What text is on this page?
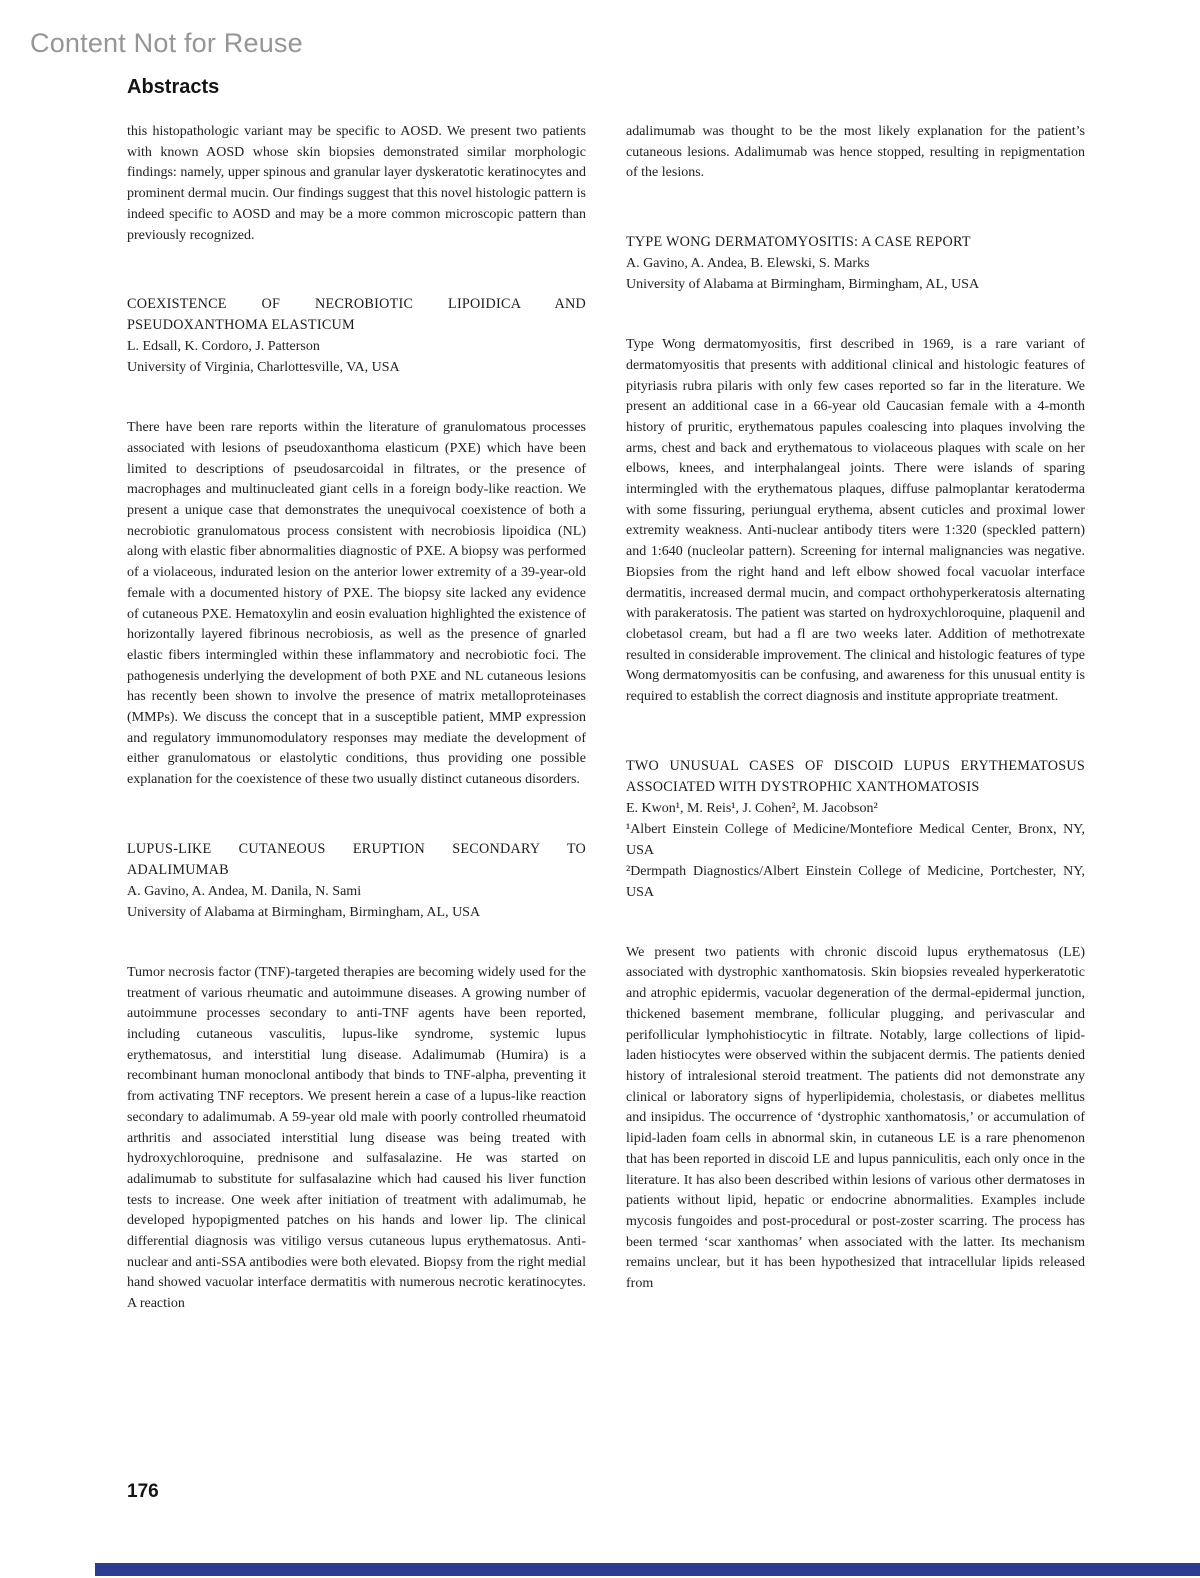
Content Not for Reuse
Abstracts

this histopathologic variant may be specific to AOSD. We present two patients with known AOSD whose skin biopsies demonstrated similar morphologic findings: namely, upper spinous and granular layer dyskeratotic keratinocytes and prominent dermal mucin. Our findings suggest that this novel histologic pattern is indeed specific to AOSD and may be a more common microscopic pattern than previously recognized.

COEXISTENCE OF NECROBIOTIC LIPOIDICA AND PSEUDOXANTHOMA ELASTICUM

L. Edsall, K. Cordoro, J. Patterson

University of Virginia, Charlottesville, VA, USA

There have been rare reports within the literature of granulomatous processes associated with lesions of pseudoxanthoma elasticum (PXE) which have been limited to descriptions of pseudosarcoidal in filtrates, or the presence of macrophages and multinucleated giant cells in a foreign body-like reaction. We present a unique case that demonstrates the unequivocal coexistence of both a necrobiotic granulomatous process consistent with necrobiosis lipoidica (NL) along with elastic fiber abnormalities diagnostic of PXE. A biopsy was performed of a violaceous, indurated lesion on the anterior lower extremity of a 39-year-old female with a documented history of PXE. The biopsy site lacked any evidence of cutaneous PXE. Hematoxylin and eosin evaluation highlighted the existence of horizontally layered fibrinous necrobiosis, as well as the presence of gnarled elastic fibers intermingled within these inflammatory and necrobiotic foci. The pathogenesis underlying the development of both PXE and NL cutaneous lesions has recently been shown to involve the presence of matrix metalloproteinases (MMPs). We discuss the concept that in a susceptible patient, MMP expression and regulatory immunomodulatory responses may mediate the development of either granulomatous or elastolytic conditions, thus providing one possible explanation for the coexistence of these two usually distinct cutaneous disorders.

LUPUS-LIKE CUTANEOUS ERUPTION SECONDARY TO ADALIMUMAB

A. Gavino, A. Andea, M. Danila, N. Sami

University of Alabama at Birmingham, Birmingham, AL, USA

Tumor necrosis factor (TNF)-targeted therapies are becoming widely used for the treatment of various rheumatic and autoimmune diseases. A growing number of autoimmune processes secondary to anti-TNF agents have been reported, including cutaneous vasculitis, lupus-like syndrome, systemic lupus erythematosus, and interstitial lung disease. Adalimumab (Humira) is a recombinant human monoclonal antibody that binds to TNF-alpha, preventing it from activating TNF receptors. We present herein a case of a lupus-like reaction secondary to adalimumab. A 59-year old male with poorly controlled rheumatoid arthritis and associated interstitial lung disease was being treated with hydroxychloroquine, prednisone and sulfasalazine. He was started on adalimumab to substitute for sulfasalazine which had caused his liver function tests to increase. One week after initiation of treatment with adalimumab, he developed hypopigmented patches on his hands and lower lip. The clinical differential diagnosis was vitiligo versus cutaneous lupus erythematosus. Anti-nuclear and anti-SSA antibodies were both elevated. Biopsy from the right medial hand showed vacuolar interface dermatitis with numerous necrotic keratinocytes. A reaction

adalimumab was thought to be the most likely explanation for the patient’s cutaneous lesions. Adalimumab was hence stopped, resulting in repigmentation of the lesions.

TYPE WONG DERMATOMYOSITIS: A CASE REPORT

A. Gavino, A. Andea, B. Elewski, S. Marks

University of Alabama at Birmingham, Birmingham, AL, USA

Type Wong dermatomyositis, first described in 1969, is a rare variant of dermatomyositis that presents with additional clinical and histologic features of pityriasis rubra pilaris with only few cases reported so far in the literature. We present an additional case in a 66-year old Caucasian female with a 4-month history of pruritic, erythematous papules coalescing into plaques involving the arms, chest and back and erythematous to violaceous plaques with scale on her elbows, knees, and interphalangeal joints. There were islands of sparing intermingled with the erythematous plaques, diffuse palmoplantar keratoderma with some fissuring, periungual erythema, absent cuticles and proximal lower extremity weakness. Anti-nuclear antibody titers were 1:320 (speckled pattern) and 1:640 (nucleolar pattern). Screening for internal malignancies was negative. Biopsies from the right hand and left elbow showed focal vacuolar interface dermatitis, increased dermal mucin, and compact orthohyperkeratosis alternating with parakeratosis. The patient was started on hydroxychloroquine, plaquenil and clobetasol cream, but had a fl are two weeks later. Addition of methotrexate resulted in considerable improvement. The clinical and histologic features of type Wong dermatomyositis can be confusing, and awareness for this unusual entity is required to establish the correct diagnosis and institute appropriate treatment.

TWO UNUSUAL CASES OF DISCOID LUPUS ERYTHEMATOSUS ASSOCIATED WITH DYSTROPHIC XANTHOMATOSIS

E. Kwon¹, M. Reis¹, J. Cohen², M. Jacobson²

¹Albert Einstein College of Medicine/Montefiore Medical Center, Bronx, NY, USA

²Dermpath Diagnostics/Albert Einstein College of Medicine, Portchester, NY, USA

We present two patients with chronic discoid lupus erythematosus (LE) associated with dystrophic xanthomatosis. Skin biopsies revealed hyperkeratotic and atrophic epidermis, vacuolar degeneration of the dermal-epidermal junction, thickened basement membrane, follicular plugging, and perivascular and perifollicular lymphohistiocytic in filtrate. Notably, large collections of lipid-laden histiocytes were observed within the subjacent dermis. The patients denied history of intralesional steroid treatment. The patients did not demonstrate any clinical or laboratory signs of hyperlipidemia, cholestasis, or diabetes mellitus and insipidus. The occurrence of ‘dystrophic xanthomatosis,’ or accumulation of lipid-laden foam cells in abnormal skin, in cutaneous LE is a rare phenomenon that has been reported in discoid LE and lupus panniculitis, each only once in the literature. It has also been described within lesions of various other dermatoses in patients without lipid, hepatic or endocrine abnormalities. Examples include mycosis fungoides and post-procedural or post-zoster scarring. The process has been termed ‘scar xanthomas’ when associated with the latter. Its mechanism remains unclear, but it has been hypothesized that intracellular lipids released from

176
